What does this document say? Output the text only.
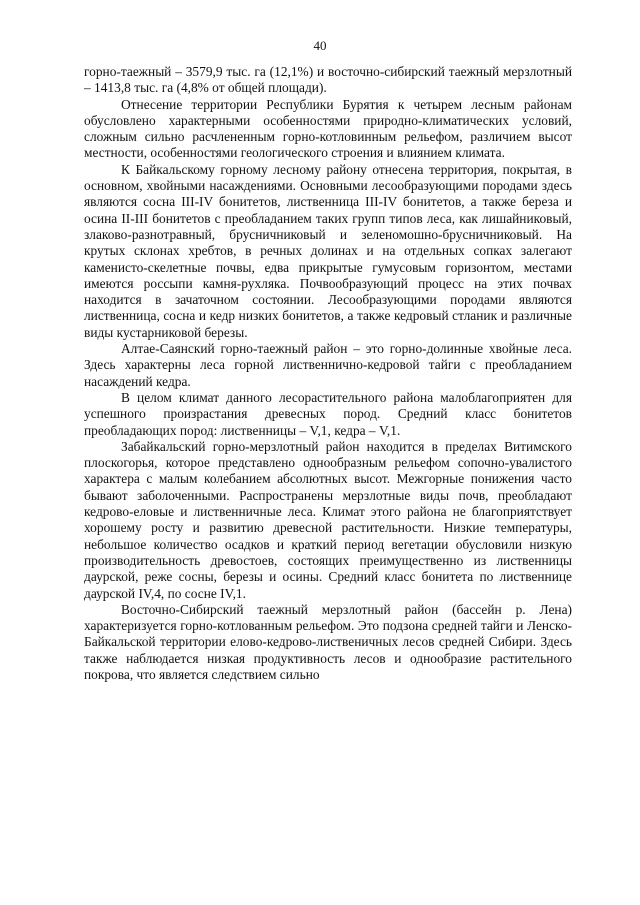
40

горно-таежный – 3579,9 тыс. га (12,1%) и восточно-сибирский таежный мерзлотный – 1413,8 тыс. га (4,8% от общей площади).

Отнесение территории Республики Бурятия к четырем лесным районам обусловлено характерными особенностями природно-климатических условий, сложным сильно расчлененным горно-котловинным рельефом, различием высот местности, особенностями геологического строения и влиянием климата.

К Байкальскому горному лесному району отнесена территория, покрытая, в основном, хвойными насаждениями. Основными лесообразующими породами здесь являются сосна III-IV бонитетов, лиственница III-IV бонитетов, а также береза и осина II-III бонитетов с преобладанием таких групп типов леса, как лишайниковый, злаково-разнотравный, брусничниковый и зеленомошно-брусничниковый. На крутых склонах хребтов, в речных долинах и на отдельных сопках залегают каменисто-скелетные почвы, едва прикрытые гумусовым горизонтом, местами имеются россыпи камня-рухляка. Почвообразующий процесс на этих почвах находится в зачаточном состоянии. Лесообразующими породами являются лиственница, сосна и кедр низких бонитетов, а также кедровый стланик и различные виды кустарниковой березы.

Алтае-Саянский горно-таежный район – это горно-долинные хвойные леса. Здесь характерны леса горной лиственнично-кедровой тайги с преобладанием насаждений кедра.

В целом климат данного лесорастительного района малоблагоприятен для успешного произрастания древесных пород. Средний класс бонитетов преобладающих пород: лиственницы – V,1, кедра – V,1.

Забайкальский горно-мерзлотный район находится в пределах Витимского плоскогорья, которое представлено однообразным рельефом сопочно-увалистого характера с малым колебанием абсолютных высот. Межгорные понижения часто бывают заболоченными. Распространены мерзлотные виды почв, преобладают кедрово-еловые и лиственничные леса. Климат этого района не благоприятствует хорошему росту и развитию древесной растительности. Низкие температуры, небольшое количество осадков и краткий период вегетации обусловили низкую производительность древостоев, состоящих преимущественно из лиственницы даурской, реже сосны, березы и осины. Средний класс бонитета по лиственнице даурской IV,4, по сосне IV,1.

Восточно-Сибирский таежный мерзлотный район (бассейн р. Лена) характеризуется горно-котлованным рельефом. Это подзона средней тайги и Ленско-Байкальской территории елово-кедрово-лиственичных лесов средней Сибири. Здесь также наблюдается низкая продуктивность лесов и однообразие растительного покрова, что является следствием сильно
